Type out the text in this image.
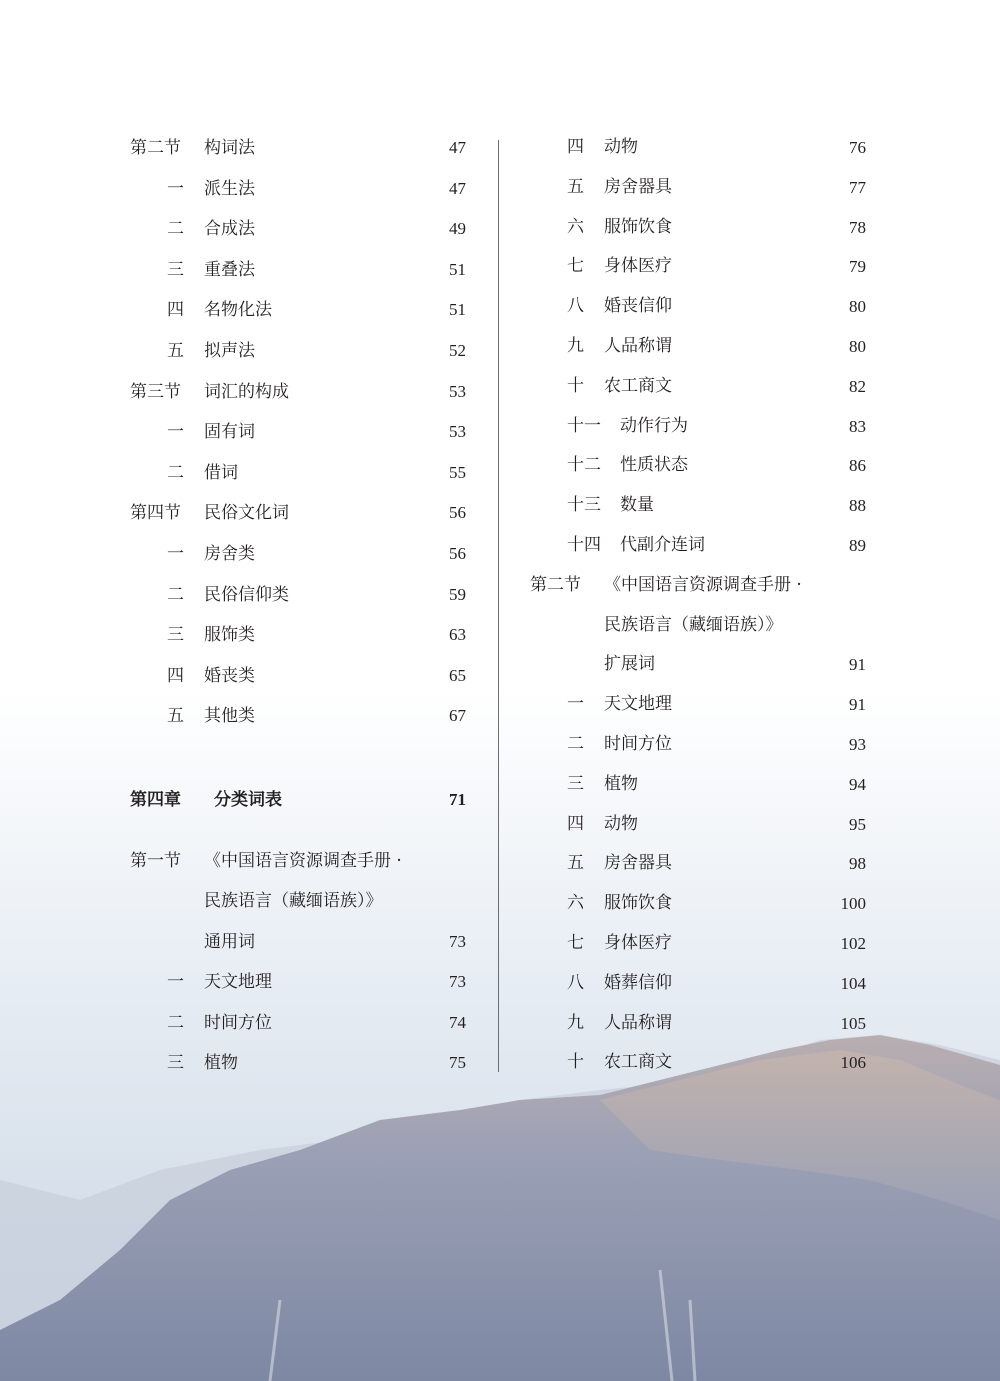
第二节 构词法	47
一 派生法	47
二 合成法	49
三 重叠法	51
四 名物化法	51
五 拟声法	52
第三节 词汇的构成	53
一 固有词	53
二 借词	55
第四节 民俗文化词	56
一 房舍类	56
二 民俗信仰类	59
三 服饰类	63
四 婚丧类	65
五 其他类	67
第四章 分类词表	71
第一节 《中国语言资源调查手册 ·
民族语言（藏缅语族）》
通用词	73
一 天文地理	73
二 时间方位	74
三 植物	75
四 动物	76
五 房舍器具	77
六 服饰饮食	78
七 身体医疗	79
八 婚丧信仰	80
九 人品称谓	80
十 农工商文	82
十一 动作行为	83
十二 性质状态	86
十三 数量	88
十四 代副介连词	89
第二节 《中国语言资源调查手册 ·
民族语言（藏缅语族）》
扩展词	91
一 天文地理	91
二 时间方位	93
三 植物	94
四 动物	95
五 房舍器具	98
六 服饰饮食	100
七 身体医疗	102
八 婚葬信仰	104
九 人品称谓	105
十 农工商文	106
